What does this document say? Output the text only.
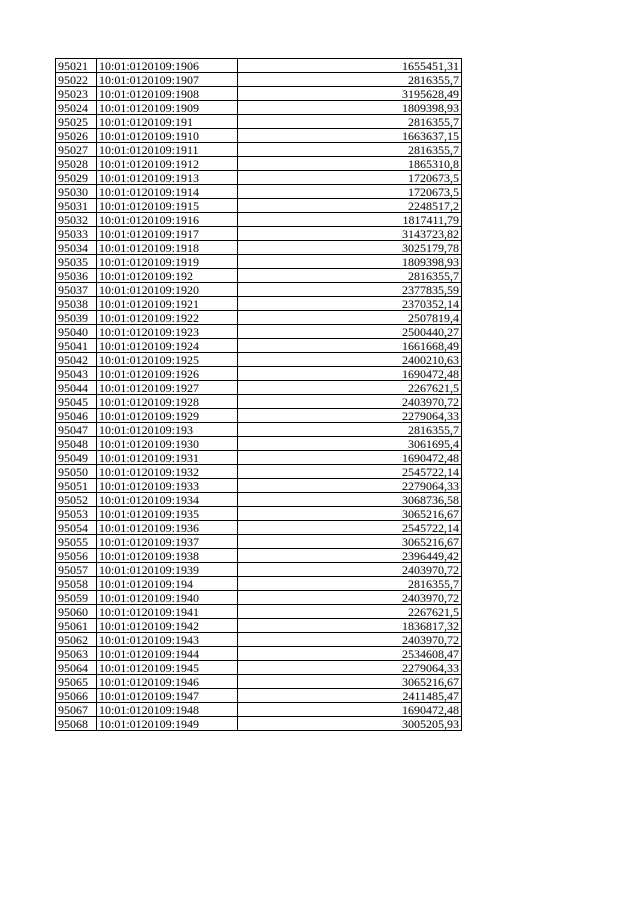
95021	10:01:0120109:1906	1655451,31
95022	10:01:0120109:1907	2816355,7
95023	10:01:0120109:1908	3195628,49
95024	10:01:0120109:1909	1809398,93
95025	10:01:0120109:191	2816355,7
95026	10:01:0120109:1910	1663637,15
95027	10:01:0120109:1911	2816355,7
95028	10:01:0120109:1912	1865310,8
95029	10:01:0120109:1913	1720673,5
95030	10:01:0120109:1914	1720673,5
95031	10:01:0120109:1915	2248517,2
95032	10:01:0120109:1916	1817411,79
95033	10:01:0120109:1917	3143723,82
95034	10:01:0120109:1918	3025179,78
95035	10:01:0120109:1919	1809398,93
95036	10:01:0120109:192	2816355,7
95037	10:01:0120109:1920	2377835,59
95038	10:01:0120109:1921	2370352,14
95039	10:01:0120109:1922	2507819,4
95040	10:01:0120109:1923	2500440,27
95041	10:01:0120109:1924	1661668,49
95042	10:01:0120109:1925	2400210,63
95043	10:01:0120109:1926	1690472,48
95044	10:01:0120109:1927	2267621,5
95045	10:01:0120109:1928	2403970,72
95046	10:01:0120109:1929	2279064,33
95047	10:01:0120109:193	2816355,7
95048	10:01:0120109:1930	3061695,4
95049	10:01:0120109:1931	1690472,48
95050	10:01:0120109:1932	2545722,14
95051	10:01:0120109:1933	2279064,33
95052	10:01:0120109:1934	3068736,58
95053	10:01:0120109:1935	3065216,67
95054	10:01:0120109:1936	2545722,14
95055	10:01:0120109:1937	3065216,67
95056	10:01:0120109:1938	2396449,42
95057	10:01:0120109:1939	2403970,72
95058	10:01:0120109:194	2816355,7
95059	10:01:0120109:1940	2403970,72
95060	10:01:0120109:1941	2267621,5
95061	10:01:0120109:1942	1836817,32
95062	10:01:0120109:1943	2403970,72
95063	10:01:0120109:1944	2534608,47
95064	10:01:0120109:1945	2279064,33
95065	10:01:0120109:1946	3065216,67
95066	10:01:0120109:1947	2411485,47
95067	10:01:0120109:1948	1690472,48
95068	10:01:0120109:1949	3005205,93
